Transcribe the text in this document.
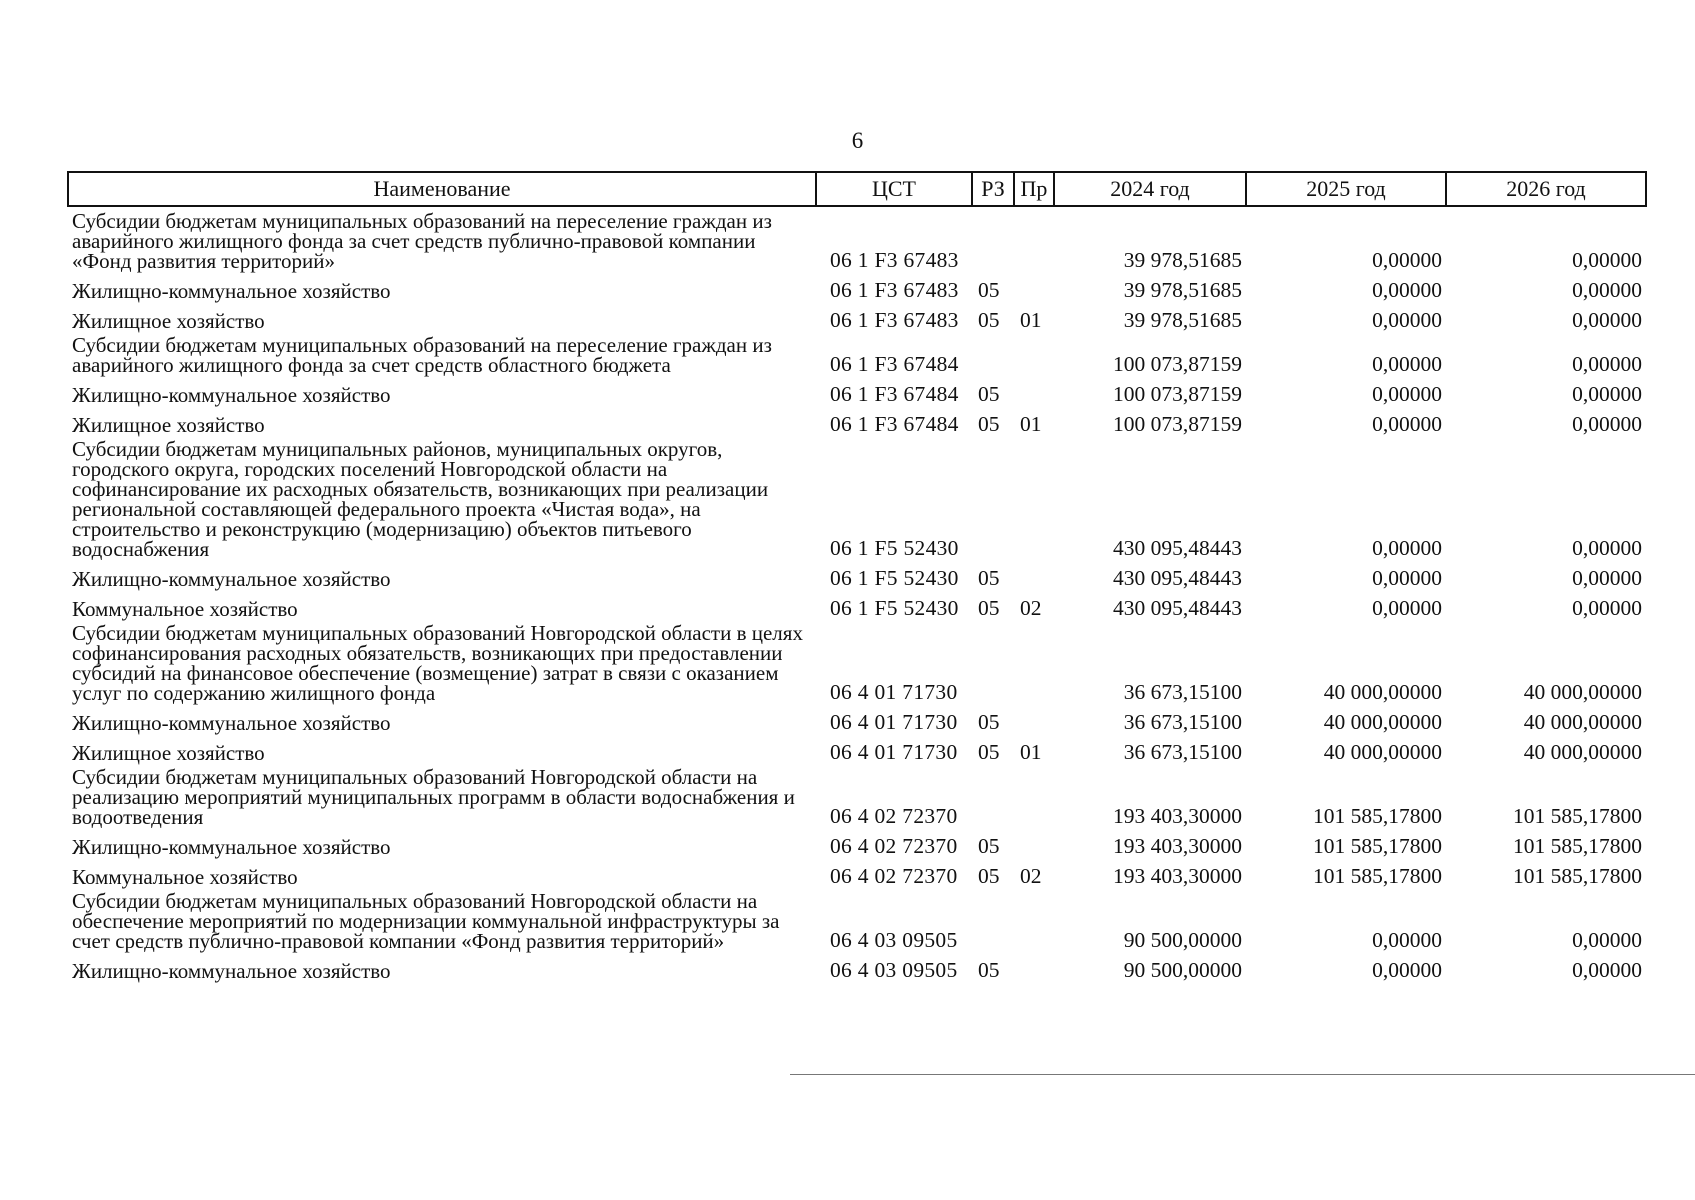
6
Наименование	ЦСТ	РЗ	Пр	2024 год	2025 год	2026 год
Субсидии бюджетам муниципальных образований на переселение граждан из аварийного жилищного фонда за счет средств публично-правовой компании «Фонд развития территорий»	06 1 F3 67483			39 978,51685	0,00000	0,00000
Жилищно-коммунальное хозяйство	06 1 F3 67483	05		39 978,51685	0,00000	0,00000
Жилищное хозяйство	06 1 F3 67483	05	01	39 978,51685	0,00000	0,00000
Субсидии бюджетам муниципальных образований на переселение граждан из аварийного жилищного фонда за счет средств областного бюджета	06 1 F3 67484			100 073,87159	0,00000	0,00000
Жилищно-коммунальное хозяйство	06 1 F3 67484	05		100 073,87159	0,00000	0,00000
Жилищное хозяйство	06 1 F3 67484	05	01	100 073,87159	0,00000	0,00000
Субсидии бюджетам муниципальных районов, муниципальных округов, городского округа, городских поселений Новгородской области на софинансирование их расходных обязательств, возникающих при реализации региональной составляющей федерального проекта «Чистая вода», на строительство и реконструкцию (модернизацию) объектов питьевого водоснабжения	06 1 F5 52430			430 095,48443	0,00000	0,00000
Жилищно-коммунальное хозяйство	06 1 F5 52430	05		430 095,48443	0,00000	0,00000
Коммунальное хозяйство	06 1 F5 52430	05	02	430 095,48443	0,00000	0,00000
Субсидии бюджетам муниципальных образований Новгородской области в целях софинансирования расходных обязательств, возникающих при предоставлении субсидий на финансовое обеспечение (возмещение) затрат в связи с оказанием услуг по содержанию жилищного фонда	06 4 01 71730			36 673,15100	40 000,00000	40 000,00000
Жилищно-коммунальное хозяйство	06 4 01 71730	05		36 673,15100	40 000,00000	40 000,00000
Жилищное хозяйство	06 4 01 71730	05	01	36 673,15100	40 000,00000	40 000,00000
Субсидии бюджетам муниципальных образований Новгородской области на реализацию мероприятий муниципальных программ в области водоснабжения и водоотведения	06 4 02 72370			193 403,30000	101 585,17800	101 585,17800
Жилищно-коммунальное хозяйство	06 4 02 72370	05		193 403,30000	101 585,17800	101 585,17800
Коммунальное хозяйство	06 4 02 72370	05	02	193 403,30000	101 585,17800	101 585,17800
Субсидии бюджетам муниципальных образований Новгородской области на обеспечение мероприятий по модернизации коммунальной инфраструктуры за счет средств публично-правовой компании «Фонд развития территорий»	06 4 03 09505			90 500,00000	0,00000	0,00000
Жилищно-коммунальное хозяйство	06 4 03 09505	05		90 500,00000	0,00000	0,00000
